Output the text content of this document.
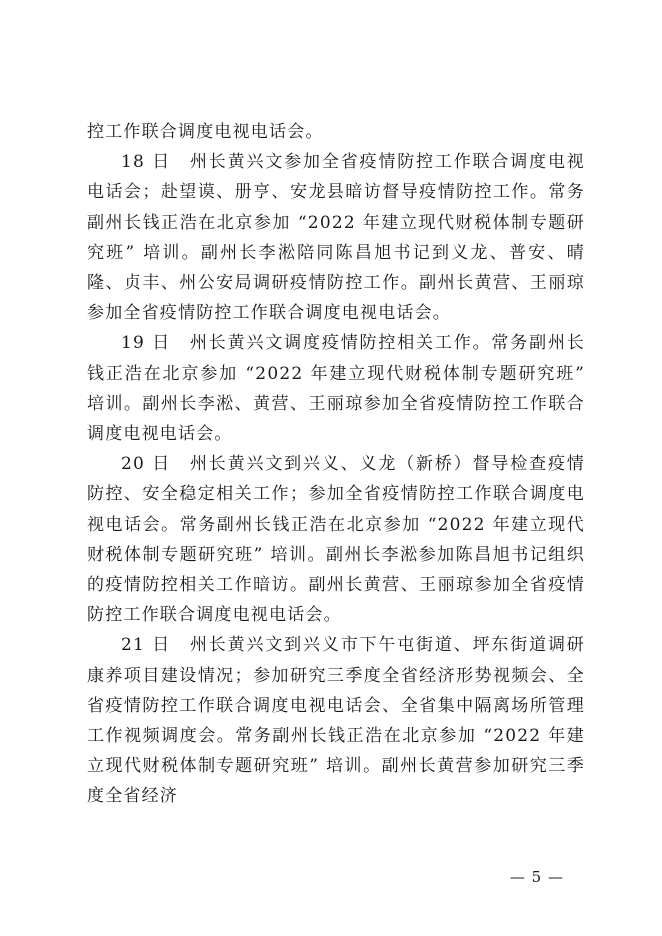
控工作联合调度电视电话会。

18 日　州长黄兴文参加全省疫情防控工作联合调度电视电话会；赴望谟、册亨、安龙县暗访督导疫情防控工作。常务副州长钱正浩在北京参加 “2022 年建立现代财税体制专题研究班” 培训。副州长李淞陪同陈昌旭书记到义龙、普安、晴隆、贞丰、州公安局调研疫情防控工作。副州长黄营、王丽琼参加全省疫情防控工作联合调度电视电话会。

19 日　州长黄兴文调度疫情防控相关工作。常务副州长钱正浩在北京参加 “2022 年建立现代财税体制专题研究班” 培训。副州长李淞、黄营、王丽琼参加全省疫情防控工作联合调度电视电话会。

20 日　州长黄兴文到兴义、义龙（新桥）督导检查疫情防控、安全稳定相关工作；参加全省疫情防控工作联合调度电视电话会。常务副州长钱正浩在北京参加 “2022 年建立现代财税体制专题研究班” 培训。副州长李淞参加陈昌旭书记组织的疫情防控相关工作暗访。副州长黄营、王丽琼参加全省疫情防控工作联合调度电视电话会。

21 日　州长黄兴文到兴义市下午屯街道、坪东街道调研康养项目建设情况；参加研究三季度全省经济形势视频会、全省疫情防控工作联合调度电视电话会、全省集中隔离场所管理工作视频调度会。常务副州长钱正浩在北京参加 “2022 年建立现代财税体制专题研究班” 培训。副州长黄营参加研究三季度全省经济

— 5 —
